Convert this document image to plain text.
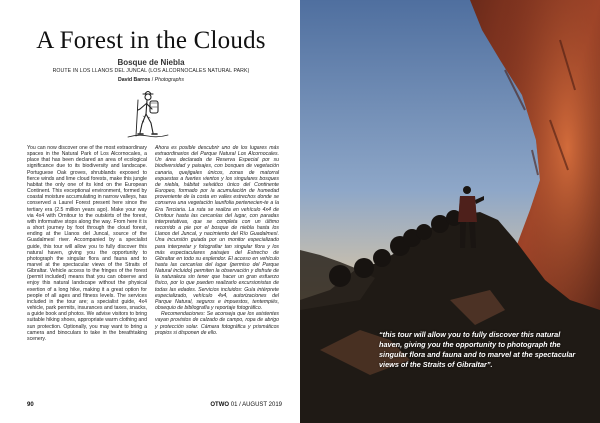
A Forest in the Clouds
Bosque de Niebla
ROUTE IN LOS LLANOS DEL JUNCAL (LOS ALCORNOCALES NATURAL PARK)
David Barros / Photographs

You can now discover one of the most extraordinary spaces in the Natural Park of Los Alcornocales, a place that has been declared an area of ecological significance due to its biodiversity and landscape. Portuguese Oak groves, shrublands exposed to fierce winds and lime cloud forests, make this jungle habitat the only one of its kind on the European Continent. This exceptional environment, formed by coastal moisture accumulating in narrow valleys, has conserved a Laurel Forest present here since the tertiary era (2.5 million years ago). Make your way via 4x4 with Ornitour to the outskirts of the forest, with informative stops along the way. From here it is a short journey by foot through the cloud forest, ending at the Llanos del Juncal, source of the Guadalmesí river. Accompanied by a specialist guide, this tour will allow you to fully discover this natural haven, giving you the opportunity to photograph the singular flora and fauna and to marvel at the spectacular views of the Straits of Gibraltar. Vehicle access to the fringes of the forest (permit included) means that you can observe and enjoy this natural landscape without the physical exertion of a long hike, making it a great option for people of all ages and fitness levels. The services included in the tour are; a specialist guide, 4x4 vehicle, park permits, insurances and taxes, snacks, a guide book and photos. We advise visitors to bring suitable hiking shoes, appropriate warm clothing and sun protection. Optionally, you may want to bring a camera and binoculars to take in the breathtaking scenery.

Ahora es posible descubrir uno de los lugares más extraordinarios del Parque Natural Los Alcornocales. Un área declarada de Reserva Especial por su biodiversidad y paisajes, con bosques de vegetación canaria, quejigales únicos, zonas de matorral expuestas a fuertes vientos y los singulares bosques de niebla, hábitat selvático único del Continente Europeo, formado por la acumulación de humedad proveniente de la costa en valles estrechos donde se conserva una vegetación laurifolia pertenecien-te a la Era Terciaria. La ruta se realiza en vehículo 4x4 de Ornitour hasta las cercanías del lugar, con paradas interpretativas, que se completa con un último recorrido a pie por el bosque de niebla hasta los Llanos del Juncal, y nacimiento del Río Guadalmesí. Una incursión guiada por un monitor especializado para interpretar y fotografiar tan singular flora y los más espectaculares paisajes del Estrecho de Gibraltar en todo su esplendor. El acceso en vehículo hasta las cercanías del lugar (permiso del Parque Natural incluido) permiten la observación y disfrute de la naturaleza sin tener que hacer un gran esfuerzo físico, por lo que pueden realizarlo excursionistas de todas las edades. Servicios incluidos: Guía intérprete especializado, vehículo 4x4, autorizaciones del Parque Natural, seguros e impuestos, tentempiés, obsequio de bibliografía y reportaje fotográfico.

Recomendaciones: Se aconseja que los asistentes vayan provistos de calzado de campo, ropa de abrigo y protección solar. Cámara fotográfica y prismáticos propios si disponen de ello.

90	OTWO 01 / AUGUST 2019
“this tour will allow you to fully discover this natural haven, giving you the opportunity to photograph the singular flora and fauna and to marvel at the spectacular views of the Straits of Gibraltar”.
